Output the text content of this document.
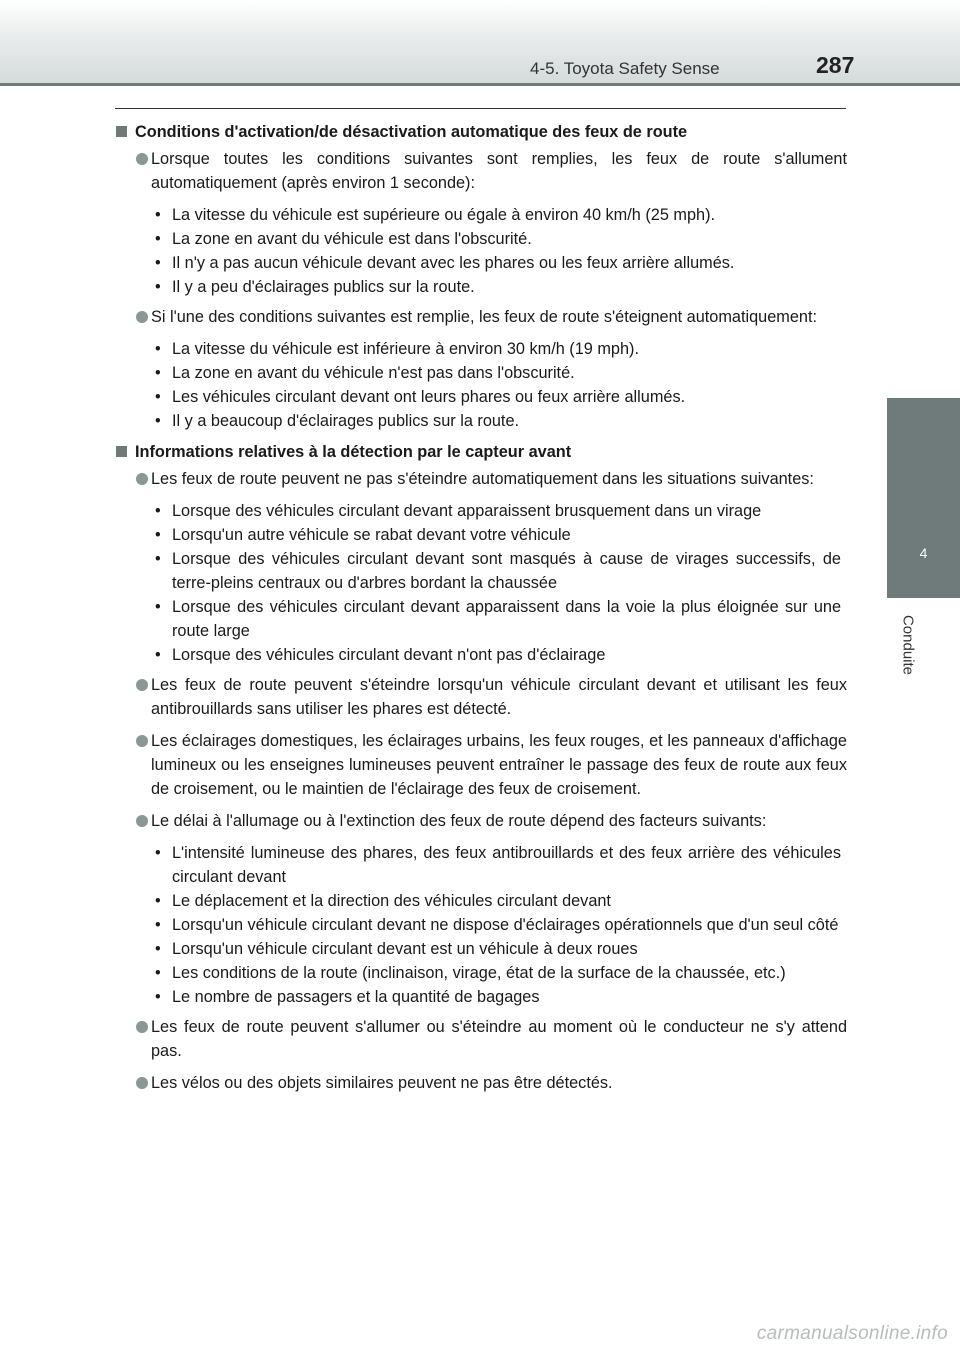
4-5. Toyota Safety Sense	287
4
Conduite
Conditions d'activation/de désactivation automatique des feux de route
Lorsque toutes les conditions suivantes sont remplies, les feux de route s'allument automatiquement (après environ 1 seconde):
• La vitesse du véhicule est supérieure ou égale à environ 40 km/h (25 mph).
• La zone en avant du véhicule est dans l'obscurité.
• Il n'y a pas aucun véhicule devant avec les phares ou les feux arrière allumés.
• Il y a peu d'éclairages publics sur la route.
Si l'une des conditions suivantes est remplie, les feux de route s'éteignent automatiquement:
• La vitesse du véhicule est inférieure à environ 30 km/h (19 mph).
• La zone en avant du véhicule n'est pas dans l'obscurité.
• Les véhicules circulant devant ont leurs phares ou feux arrière allumés.
• Il y a beaucoup d'éclairages publics sur la route.
Informations relatives à la détection par le capteur avant
Les feux de route peuvent ne pas s'éteindre automatiquement dans les situations suivantes:
• Lorsque des véhicules circulant devant apparaissent brusquement dans un virage
• Lorsqu'un autre véhicule se rabat devant votre véhicule
• Lorsque des véhicules circulant devant sont masqués à cause de virages successifs, de terre-pleins centraux ou d'arbres bordant la chaussée
• Lorsque des véhicules circulant devant apparaissent dans la voie la plus éloignée sur une route large
• Lorsque des véhicules circulant devant n'ont pas d'éclairage
Les feux de route peuvent s'éteindre lorsqu'un véhicule circulant devant et utilisant les feux antibrouillards sans utiliser les phares est détecté.
Les éclairages domestiques, les éclairages urbains, les feux rouges, et les panneaux d'affichage lumineux ou les enseignes lumineuses peuvent entraîner le passage des feux de route aux feux de croisement, ou le maintien de l'éclairage des feux de croisement.
Le délai à l'allumage ou à l'extinction des feux de route dépend des facteurs suivants:
• L'intensité lumineuse des phares, des feux antibrouillards et des feux arrière des véhicules circulant devant
• Le déplacement et la direction des véhicules circulant devant
• Lorsqu'un véhicule circulant devant ne dispose d'éclairages opérationnels que d'un seul côté
• Lorsqu'un véhicule circulant devant est un véhicule à deux roues
• Les conditions de la route (inclinaison, virage, état de la surface de la chaussée, etc.)
• Le nombre de passagers et la quantité de bagages
Les feux de route peuvent s'allumer ou s'éteindre au moment où le conducteur ne s'y attend pas.
Les vélos ou des objets similaires peuvent ne pas être détectés.
carmanualsonline.info
